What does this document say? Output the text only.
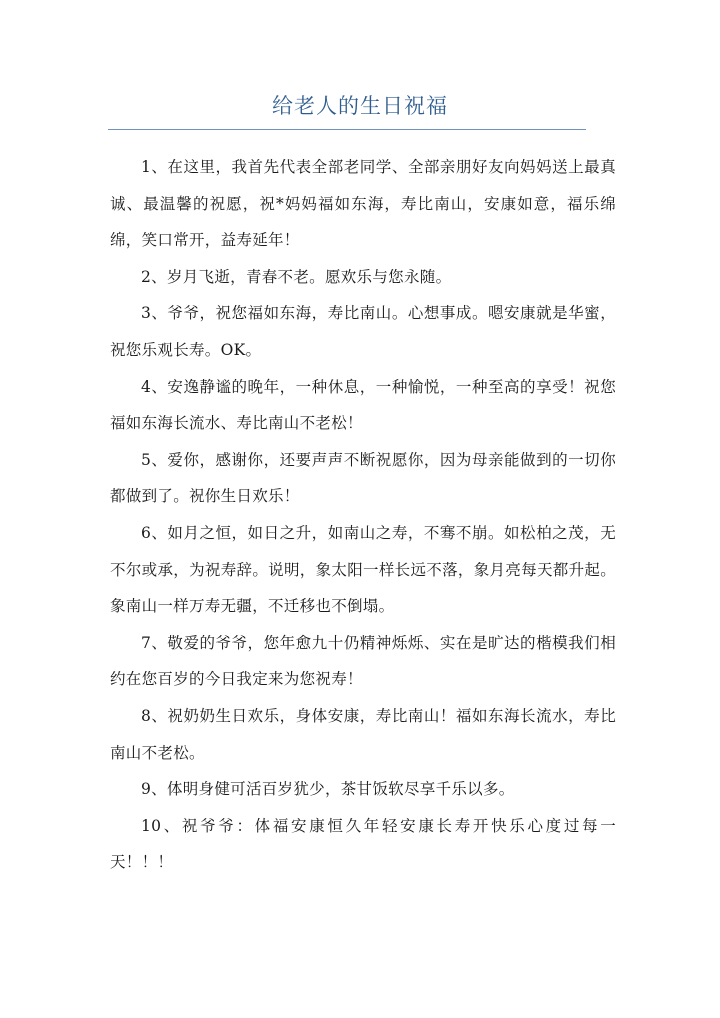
给老人的生日祝福

1、在这里，我首先代表全部老同学、全部亲朋好友向妈妈送上最真诚、最温馨的祝愿，祝*妈妈福如东海，寿比南山，安康如意，福乐绵绵，笑口常开，益寿延年！

2、岁月飞逝，青春不老。愿欢乐与您永随。

3、爷爷，祝您福如东海，寿比南山。心想事成。嗯安康就是华蜜，祝您乐观长寿。OK。

4、安逸静谧的晚年，一种休息，一种愉悦，一种至高的享受！祝您福如东海长流水、寿比南山不老松！

5、爱你，感谢你，还要声声不断祝愿你，因为母亲能做到的一切你都做到了。祝你生日欢乐！

6、如月之恒，如日之升，如南山之寿，不骞不崩。如松柏之茂，无不尔或承，为祝寿辞。说明，象太阳一样长远不落，象月亮每天都升起。象南山一样万寿无疆，不迁移也不倒塌。

7、敬爱的爷爷，您年愈九十仍精神烁烁、实在是旷达的楷模我们相约在您百岁的今日我定来为您祝寿！

8、祝奶奶生日欢乐，身体安康，寿比南山！福如东海长流水，寿比南山不老松。

9、体明身健可活百岁犹少，茶甘饭软尽享千乐以多。

10、祝爷爷：体福安康恒久年轻安康长寿开快乐心度过每一天！！！
